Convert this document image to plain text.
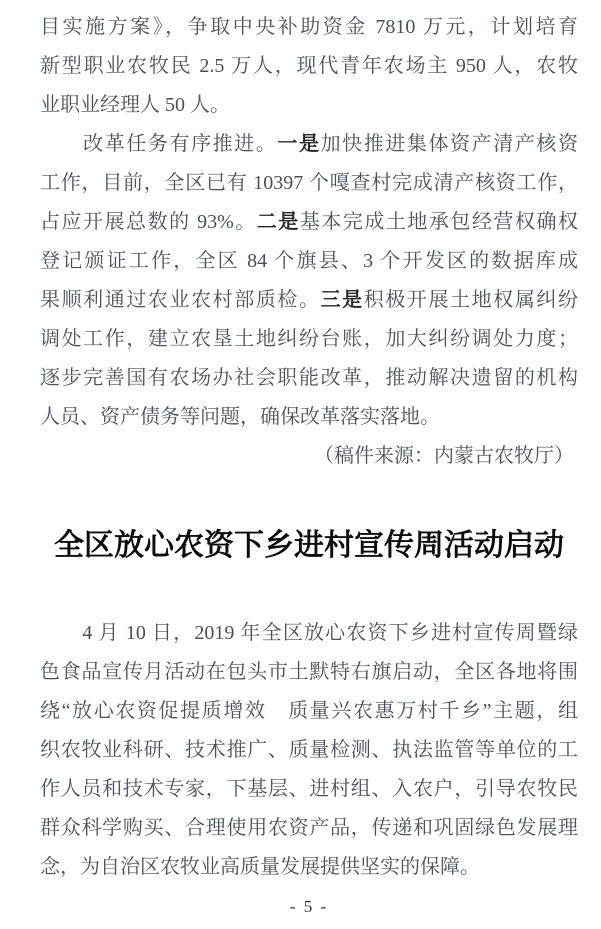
目实施方案》，争取中央补助资金 7810 万元，计划培育
新型职业农牧民 2.5 万人，现代青年农场主 950 人，农牧
业职业经理人 50 人。
　　改革任务有序推进。一是加快推进集体资产清产核资
工作，目前，全区已有 10397 个嘎查村完成清产核资工作，
占应开展总数的 93%。二是基本完成土地承包经营权确权
登记颁证工作，全区 84 个旗县、3 个开发区的数据库成
果顺利通过农业农村部质检。三是积极开展土地权属纠纷
调处工作，建立农垦土地纠纷台账，加大纠纷调处力度；
逐步完善国有农场办社会职能改革，推动解决遗留的机构
人员、资产债务等问题，确保改革落实落地。
（稿件来源：内蒙古农牧厅）
全区放心农资下乡进村宣传周活动启动
　　4 月 10 日，2019 年全区放心农资下乡进村宣传周暨绿
色食品宣传月活动在包头市土默特右旗启动，全区各地将围
绕“放心农资促提质增效　质量兴农惠万村千乡”主题，组
织农牧业科研、技术推广、质量检测、执法监管等单位的工
作人员和技术专家，下基层、进村组、入农户，引导农牧民
群众科学购买、合理使用农资产品，传递和巩固绿色发展理
念，为自治区农牧业高质量发展提供坚实的保障。
- 5 -
